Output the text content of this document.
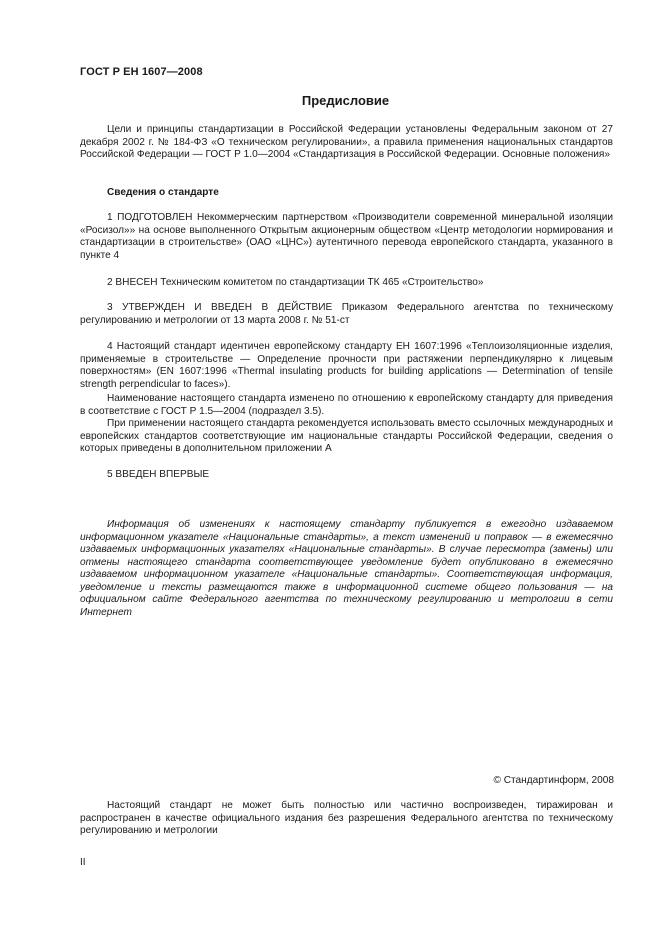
ГОСТ Р ЕН 1607—2008
Предисловие

Цели и принципы стандартизации в Российской Федерации установлены Федеральным законом от 27 декабря 2002 г. № 184-ФЗ «О техническом регулировании», а правила применения национальных стандартов Российской Федерации — ГОСТ Р 1.0—2004 «Стандартизация в Российской Федерации. Основные положения»

Сведения о стандарте

1 ПОДГОТОВЛЕН Некоммерческим партнерством «Производители современной минеральной изоляции «Росизол»» на основе выполненного Открытым акционерным обществом «Центр методологии нормирования и стандартизации в строительстве» (ОАО «ЦНС») аутентичного перевода европейского стандарта, указанного в пункте 4

2 ВНЕСЕН Техническим комитетом по стандартизации ТК 465 «Строительство»

3 УТВЕРЖДЕН И ВВЕДЕН В ДЕЙСТВИЕ Приказом Федерального агентства по техническому регулированию и метрологии от 13 марта 2008 г. № 51-ст

4 Настоящий стандарт идентичен европейскому стандарту ЕН 1607:1996 «Теплоизоляционные изделия, применяемые в строительстве — Определение прочности при растяжении перпендикулярно к лицевым поверхностям» (EN 1607:1996 «Thermal insulating products for building applications — Determination of tensile strength perpendicular to faces»).

Наименование настоящего стандарта изменено по отношению к европейскому стандарту для приведения в соответствие с ГОСТ Р 1.5—2004 (подраздел 3.5).

При применении настоящего стандарта рекомендуется использовать вместо ссылочных международных и европейских стандартов соответствующие им национальные стандарты Российской Федерации, сведения о которых приведены в дополнительном приложении А

5 ВВЕДЕН ВПЕРВЫЕ

Информация об изменениях к настоящему стандарту публикуется в ежегодно издаваемом информационном указателе «Национальные стандарты», а текст изменений и поправок — в ежемесячно издаваемых информационных указателях «Национальные стандарты». В случае пересмотра (замены) или отмены настоящего стандарта соответствующее уведомление будет опубликовано в ежемесячно издаваемом информационном указателе «Национальные стандарты». Соответствующая информация, уведомление и тексты размещаются также в информационной системе общего пользования — на официальном сайте Федерального агентства по техническому регулированию и метрологии в сети Интернет

© Стандартинформ, 2008

Настоящий стандарт не может быть полностью или частично воспроизведен, тиражирован и распространен в качестве официального издания без разрешения Федерального агентства по техническому регулированию и метрологии

II
